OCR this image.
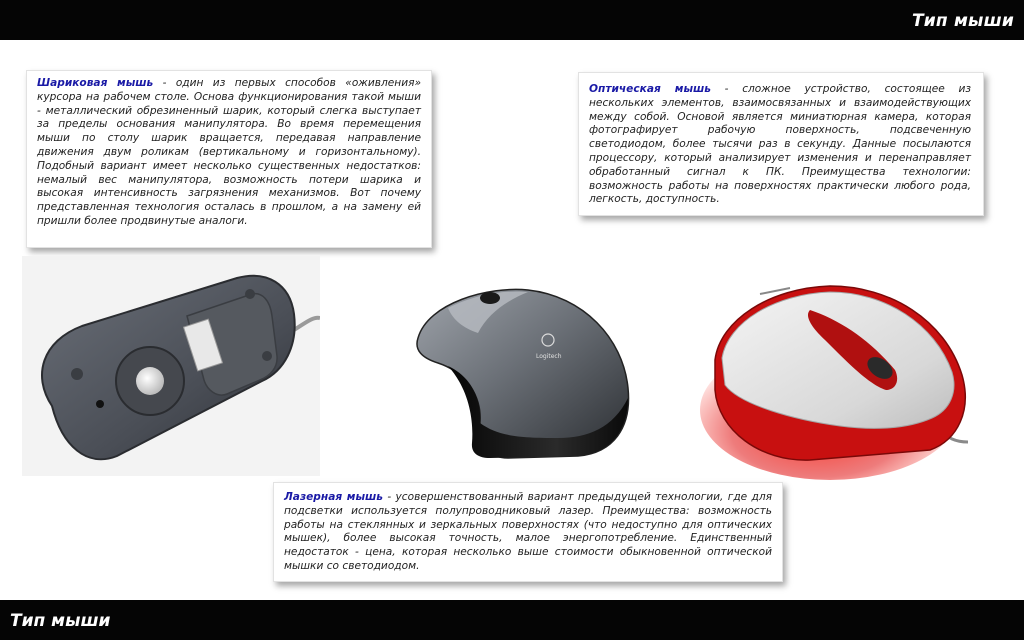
Тип мыши
Шариковая мышь - один из первых способов «оживления» курсора на рабочем столе. Основа функционирования такой мыши - металлический обрезиненный шарик, который слегка выступает за пределы основания манипулятора. Во время перемещения мыши по столу шарик вращается, передавая направление движения двум роликам (вертикальному и горизонтальному). Подобный вариант имеет несколько существенных недостатков: немалый вес манипулятора, возможность потери шарика и высокая интенсивность загрязнения механизмов. Вот почему представленная технология осталась в прошлом, а на замену ей пришли более продвинутые аналоги.
Оптическая мышь - сложное устройство, состоящее из нескольких элементов, взаимосвязанных и взаимодействующих между собой. Основой является миниатюрная камера, которая фотографирует рабочую поверхность, подсвеченную светодиодом, более тысячи раз в секунду. Данные посылаются процессору, который анализирует изменения и перенаправляет обработанный сигнал к ПК. Преимущества технологии: возможность работы на поверхностях практически любого рода, легкость, доступность.
Лазерная мышь - усовершенствованный вариант предыдущей технологии, где для подсветки используется полупроводниковый лазер. Преимущества: возможность работы на стеклянных и зеркальных поверхностях (что недоступно для оптических мышек), более высокая точность, малое энергопотребление. Единственный недостаток - цена, которая несколько выше стоимости обыкновенной оптической мышки со светодиодом.
Logitech
Тип мыши
